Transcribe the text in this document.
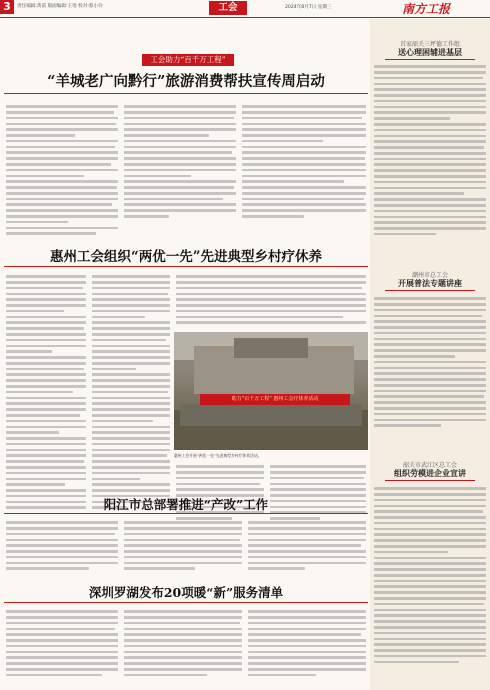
3	责任编辑:黄前 版面编辑:王瑶 校对:蔡小玲	工会	2024年8月7日 星期三	南方工报
工会助力“百千万工程”
“羊城老广向黔行”旅游消费帮扶宣传周启动
惠州工会组织“两优一先”先进典型乡村疗休养
助力“百千万工程” 惠州工会疗休养活动
惠州工会开展“两优一先”先进典型乡村疗休养活动。
阳江市总部署推进“产改”工作
深圳罗湖发布20项暖“新”服务清单
首家韶关三坪德工作组
送心理困辅进基层
潮州市总工会
开展普法专题讲座
韶关市武江区总工会
组织劳模进企业宣讲
